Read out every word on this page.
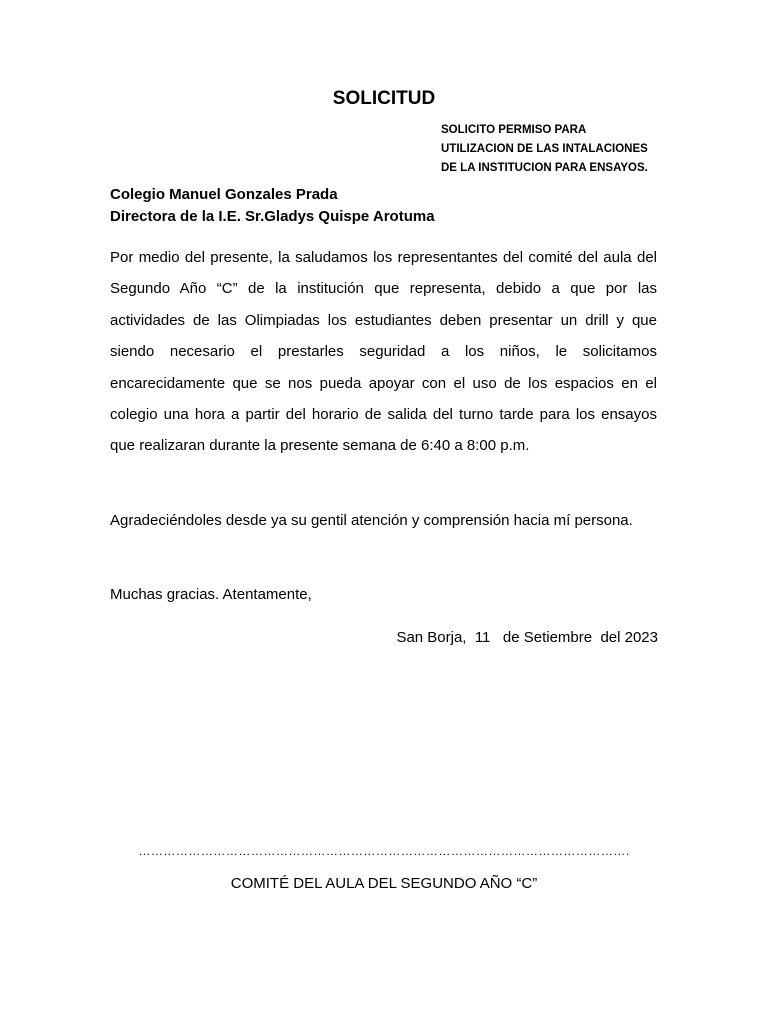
SOLICITUD
SOLICITO PERMISO PARA
UTILIZACION DE LAS INTALACIONES
DE LA INSTITUCION PARA ENSAYOS.
Colegio Manuel Gonzales Prada
Directora de la I.E. Sr.Gladys Quispe Arotuma

Por medio del presente, la saludamos los representantes del comité del aula del Segundo Año “C” de la institución que representa, debido a que por las actividades de las Olimpiadas los estudiantes deben presentar un drill y que siendo necesario el prestarles seguridad a los niños, le solicitamos encarecidamente que se nos pueda apoyar con el uso de los espacios en el colegio una hora a partir del horario de salida del turno tarde para los ensayos que realizaran durante la presente semana de 6:40 a 8:00 p.m.

Agradeciéndoles desde ya su gentil atención y comprensión hacia mí persona.

Muchas gracias. Atentamente,

San Borja,  11   de Setiembre  del 2023
……………………………………………………………………………………………………….
COMITÉ DEL AULA DEL SEGUNDO AÑO “C”
